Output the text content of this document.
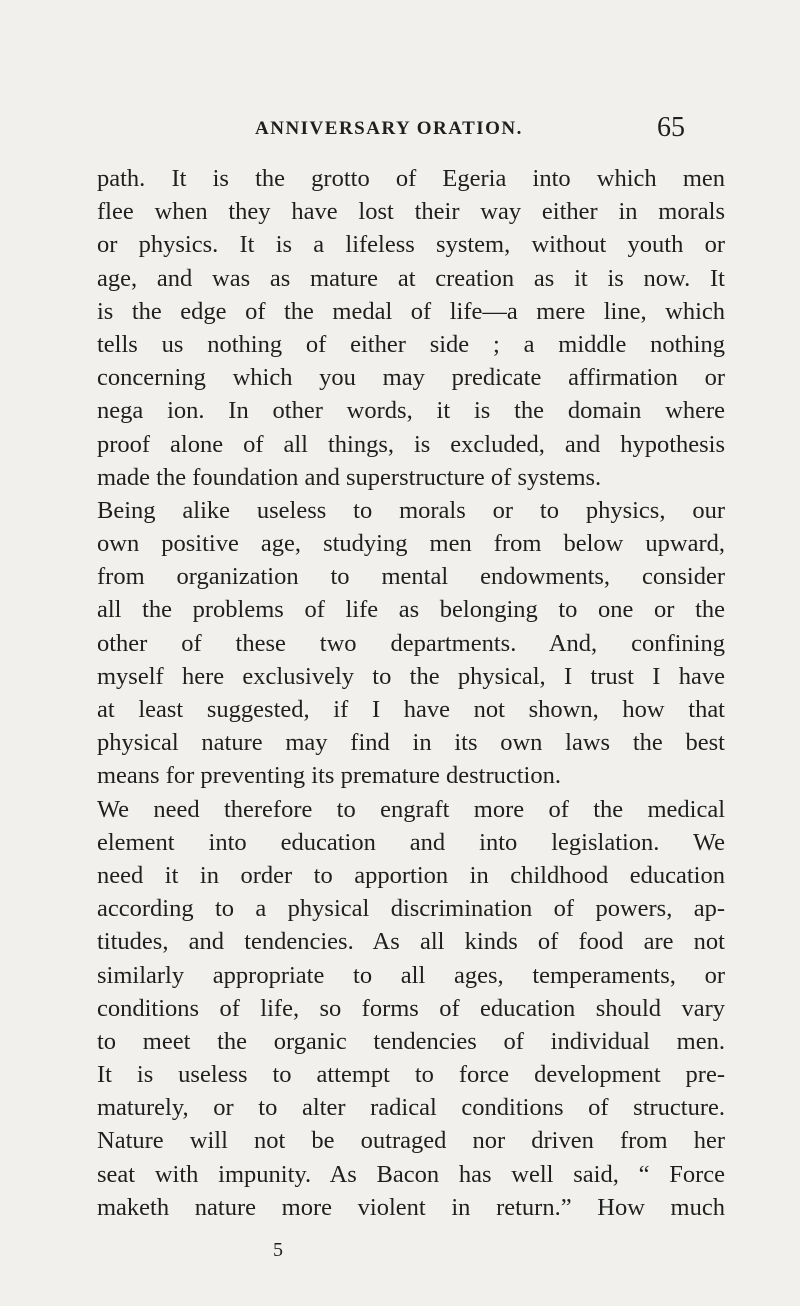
ANNIVERSARY ORATION.	65
path. It is the grotto of Egeria into which men
flee when they have lost their way either in morals
or physics. It is a lifeless system, without youth or
age, and was as mature at creation as it is now. It
is the edge of the medal of life—a mere line, which
tells us nothing of either side ; a middle nothing
concerning which you may predicate affirmation or
nega ion. In other words, it is the domain where
proof alone of all things, is excluded, and hypothesis
made the foundation and superstructure of systems.
Being alike useless to morals or to physics, our
own positive age, studying men from below upward,
from organization to mental endowments, consider
all the problems of life as belonging to one or the
other of these two departments. And, confining
myself here exclusively to the physical, I trust I have
at least suggested, if I have not shown, how that
physical nature may find in its own laws the best
means for preventing its premature destruction.
We need therefore to engraft more of the medical
element into education and into legislation. We
need it in order to apportion in childhood education
according to a physical discrimination of powers, ap-
titudes, and tendencies. As all kinds of food are not
similarly appropriate to all ages, temperaments, or
conditions of life, so forms of education should vary
to meet the organic tendencies of individual men.
It is useless to attempt to force development pre-
maturely, or to alter radical conditions of structure.
Nature will not be outraged nor driven from her
seat with impunity. As Bacon has well said, “ Force
maketh nature more violent in return.” How much
5
